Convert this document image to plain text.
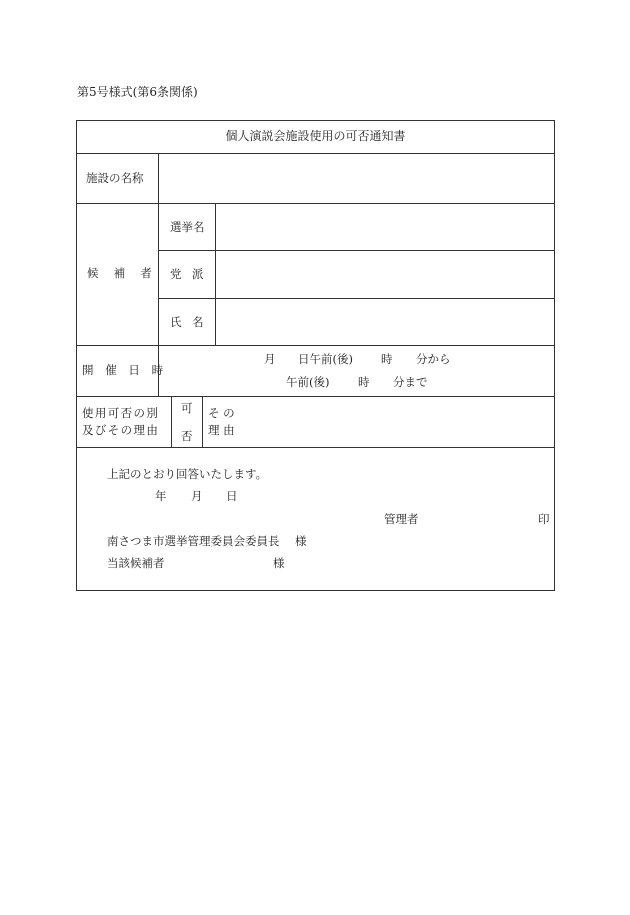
第5号様式(第6条関係)
個人演説会施設使用の可否通知書
施設の名称
候 補 者
選挙名
党 派
氏 名
開 催 日 時
月 日午前(後) 時 分から
午前(後) 時 分まで
使用可否の別
及びその理由
可
否
そ の
理 由
上記のとおり回答いたします。
年 月 日
管理者	印
南さつま市選挙管理委員会委員長 様
当該候補者	様
